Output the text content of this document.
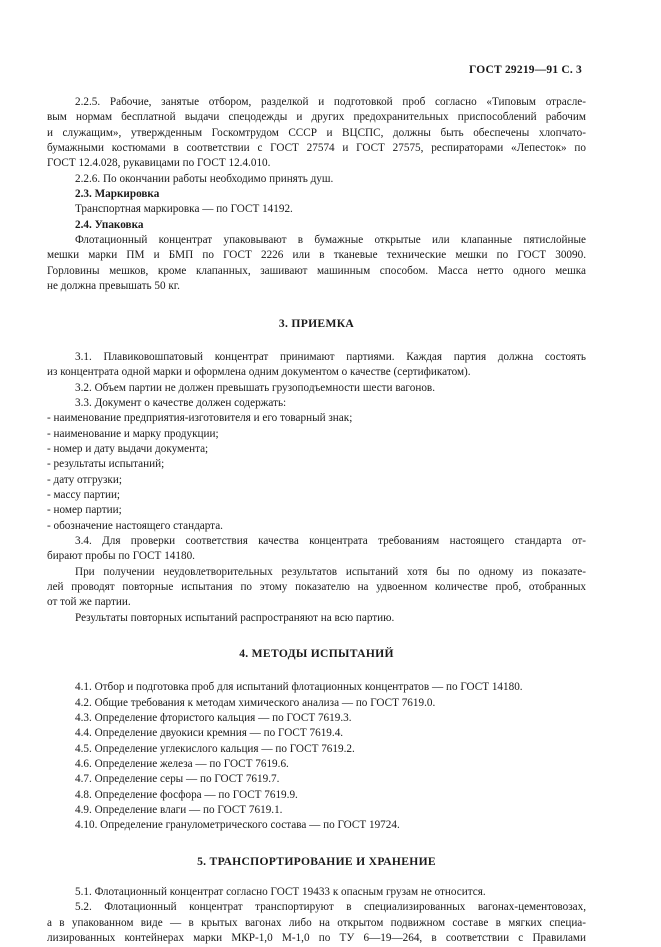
ГОСТ 29219—91 С. 3

2.2.5. Рабочие, занятые отбором, разделкой и подготовкой проб согласно «Типовым отрасле-

вым нормам бесплатной выдачи спецодежды и других предохранительных приспособлений рабочим

и служащим», утвержденным Госкомтрудом СССР и ВЦСПС, должны быть обеспечены хлопчато-

бумажными костюмами в соответствии с ГОСТ 27574 и ГОСТ 27575, респираторами «Лепесток» по

ГОСТ 12.4.028, рукавицами по ГОСТ 12.4.010.

2.2.6. По окончании работы необходимо принять душ.

2.3. Маркировка

Транспортная маркировка — по ГОСТ 14192.

2.4. Упаковка

Флотационный концентрат упаковывают в бумажные открытые или клапанные пятислойные

мешки марки ПМ и БМП по ГОСТ 2226 или в тканевые технические мешки по ГОСТ 30090.

Горловины мешков, кроме клапанных, зашивают машинным способом. Масса нетто одного мешка

не должна превышать 50 кг.

3. ПРИЕМКА

3.1. Плавиковошпатовый концентрат принимают партиями. Каждая партия должна состоять

из концентрата одной марки и оформлена одним документом о качестве (сертификатом).

3.2. Объем партии не должен превышать грузоподъемности шести вагонов.

3.3. Документ о качестве должен содержать:

- наименование предприятия-изготовителя и его товарный знак;

- наименование и марку продукции;

- номер и дату выдачи документа;

- результаты испытаний;

- дату отгрузки;

- массу партии;

- номер партии;

- обозначение настоящего стандарта.

3.4. Для проверки соответствия качества концентрата требованиям настоящего стандарта от-

бирают пробы по ГОСТ 14180.

При получении неудовлетворительных результатов испытаний хотя бы по одному из показате-

лей проводят повторные испытания по этому показателю на удвоенном количестве проб, отобранных

от той же партии.

Результаты повторных испытаний распространяют на всю партию.

4. МЕТОДЫ ИСПЫТАНИЙ

4.1. Отбор и подготовка проб для испытаний флотационных концентратов — по ГОСТ 14180.

4.2. Общие требования к методам химического анализа — по ГОСТ 7619.0.

4.3. Определение фтористого кальция — по ГОСТ 7619.3.

4.4. Определение двуокиси кремния — по ГОСТ 7619.4.

4.5. Определение углекислого кальция — по ГОСТ 7619.2.

4.6. Определение железа — по ГОСТ 7619.6.

4.7. Определение серы — по ГОСТ 7619.7.

4.8. Определение фосфора — по ГОСТ 7619.9.

4.9. Определение влаги — по ГОСТ 7619.1.

4.10. Определение гранулометрического состава — по ГОСТ 19724.

5. ТРАНСПОРТИРОВАНИЕ И ХРАНЕНИЕ

5.1. Флотационный концентрат согласно ГОСТ 19433 к опасным грузам не относится.

5.2. Флотационный концентрат транспортируют в специализированных вагонах-цементовозах,

а в упакованном виде — в крытых вагонах либо на открытом подвижном составе в мягких специа-

лизированных контейнерах марки МКР-1,0 М-1,0 по ТУ 6—19—264, в соответствии с Правилами
